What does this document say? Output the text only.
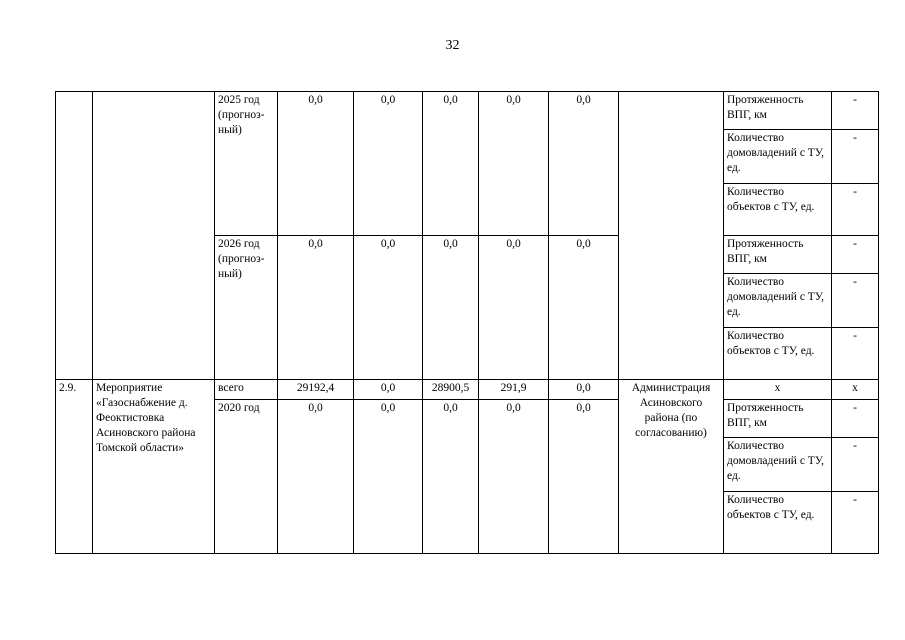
32
		2025 год (прогноз-ный)	0,0	0,0	0,0	0,0	0,0		Протяженность ВПГ, км	-
									Количество домовладений с ТУ, ед.	-
									Количество объектов с ТУ, ед.	-
		2026 год (прогноз-ный)	0,0	0,0	0,0	0,0	0,0		Протяженность ВПГ, км	-
									Количество домовладений с ТУ, ед.	-
									Количество объектов с ТУ, ед.	-
2.9.	Мероприятие «Газоснабжение д. Феоктистовка Асиновского района Томской области»	всего	29192,4	0,0	28900,5	291,9	0,0	Администрация Асиновского района (по согласованию)	х	х
		2020 год	0,0	0,0	0,0	0,0	0,0		Протяженность ВПГ, км	-
									Количество домовладений с ТУ, ед.	-
									Количество объектов с ТУ, ед.	-
